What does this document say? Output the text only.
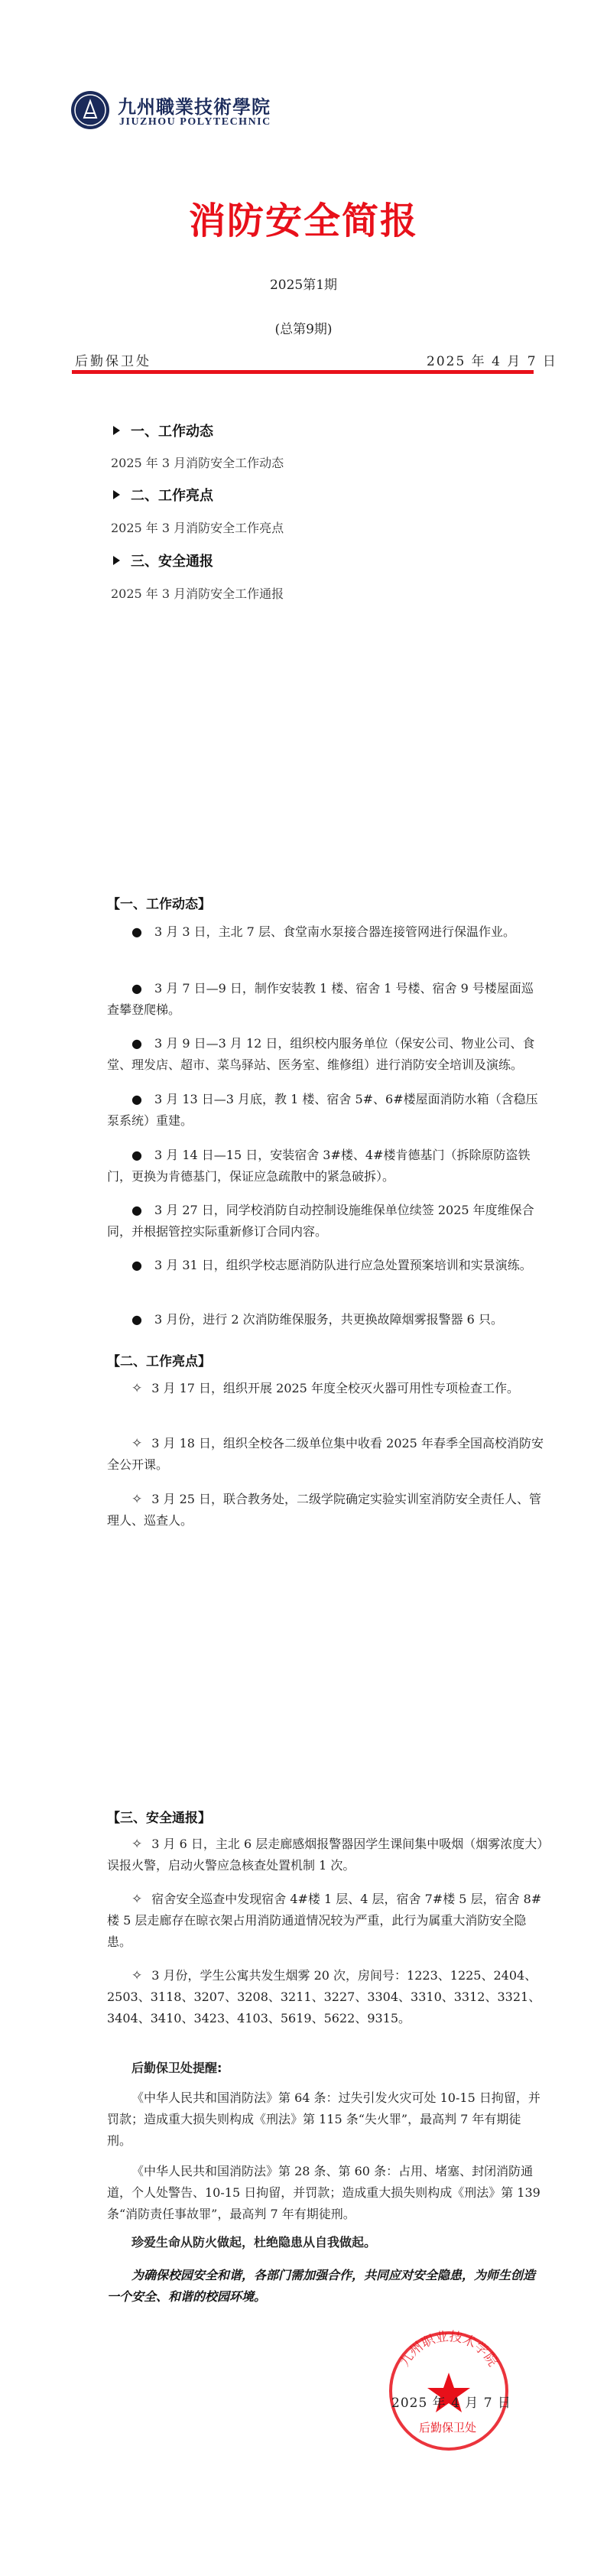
九州職業技術學院
JIUZHOU POLYTECHNIC
消防安全简报
2025第1期
(总第9期)
后勤保卫处	2025 年 4 月 7 日
一、工作动态
2025 年 3 月消防安全工作动态
二、工作亮点
2025 年 3 月消防安全工作亮点
三、安全通报
2025 年 3 月消防安全工作通报
【一、工作动态】
● 3 月 3 日，主北 7 层、食堂南水泵接合器连接管网进行保温作业。
● 3 月 7 日—9 日，制作安装教 1 楼、宿舍 1 号楼、宿舍 9 号楼屋面巡查攀登爬梯。
● 3 月 9 日—3 月 12 日，组织校内服务单位（保安公司、物业公司、食堂、理发店、超市、菜鸟驿站、医务室、维修组）进行消防安全培训及演练。
● 3 月 13 日—3 月底，教 1 楼、宿舍 5#、6#楼屋面消防水箱（含稳压泵系统）重建。
● 3 月 14 日—15 日，安装宿舍 3#楼、4#楼肯德基门（拆除原防盗铁门，更换为肯德基门，保证应急疏散中的紧急破拆）。
● 3 月 27 日，同学校消防自动控制设施维保单位续签 2025 年度维保合同，并根据管控实际重新修订合同内容。
● 3 月 31 日，组织学校志愿消防队进行应急处置预案培训和实景演练。
● 3 月份，进行 2 次消防维保服务，共更换故障烟雾报警器 6 只。
【二、工作亮点】
✧ 3 月 17 日，组织开展 2025 年度全校灭火器可用性专项检查工作。
✧ 3 月 18 日，组织全校各二级单位集中收看 2025 年春季全国高校消防安全公开课。
✧ 3 月 25 日，联合教务处，二级学院确定实验实训室消防安全责任人、管理人、巡查人。
【三、安全通报】
✧ 3 月 6 日，主北 6 层走廊感烟报警器因学生课间集中吸烟（烟雾浓度大）误报火警，启动火警应急核查处置机制 1 次。
✧ 宿舍安全巡查中发现宿舍 4#楼 1 层、4 层，宿舍 7#楼 5 层，宿舍 8#楼 5 层走廊存在晾衣架占用消防通道情况较为严重，此行为属重大消防安全隐患。
✧ 3 月份，学生公寓共发生烟雾 20 次，房间号：1223、1225、2404、2503、3118、3207、3208、3211、3227、3304、3310、3312、3321、3404、3410、3423、4103、5619、5622、9315。
后勤保卫处提醒:
《中华人民共和国消防法》第 64 条：过失引发火灾可处 10-15 日拘留，并罚款；造成重大损失则构成《刑法》第 115 条“失火罪”，最高判 7 年有期徒刑。
《中华人民共和国消防法》第 28 条、第 60 条：占用、堵塞、封闭消防通道，个人处警告、10-15 日拘留，并罚款；造成重大损失则构成《刑法》第 139 条“消防责任事故罪”，最高判 7 年有期徒刑。
珍爱生命从防火做起，杜绝隐患从自我做起。
为确保校园安全和谐，各部门需加强合作，共同应对安全隐患，为师生创造一个安全、和谐的校园环境。
九州职业技术学院
2025 年 4 月 7 日
后勤保卫处
